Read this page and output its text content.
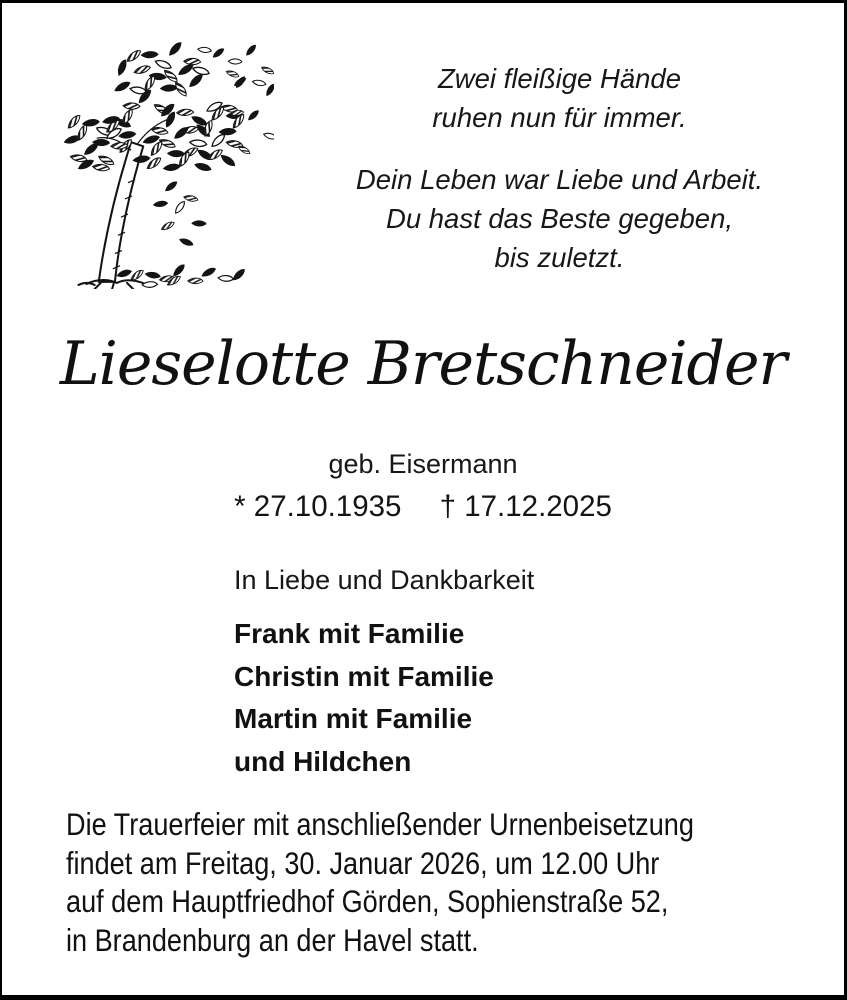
Zwei fleißige Hände
ruhen nun für immer.
Dein Leben war Liebe und Arbeit.
Du hast das Beste gegeben,
bis zuletzt.
Lieselotte Bretschneider
geb. Eisermann
* 27.10.1935 † 17.12.2025
In Liebe und Dankbarkeit
Frank mit Familie
Christin mit Familie
Martin mit Familie
und Hildchen
Die Trauerfeier mit anschließender Urnenbeisetzung
findet am Freitag, 30. Januar 2026, um 12.00 Uhr
auf dem Hauptfriedhof Görden, Sophienstraße 52,
in Brandenburg an der Havel statt.
